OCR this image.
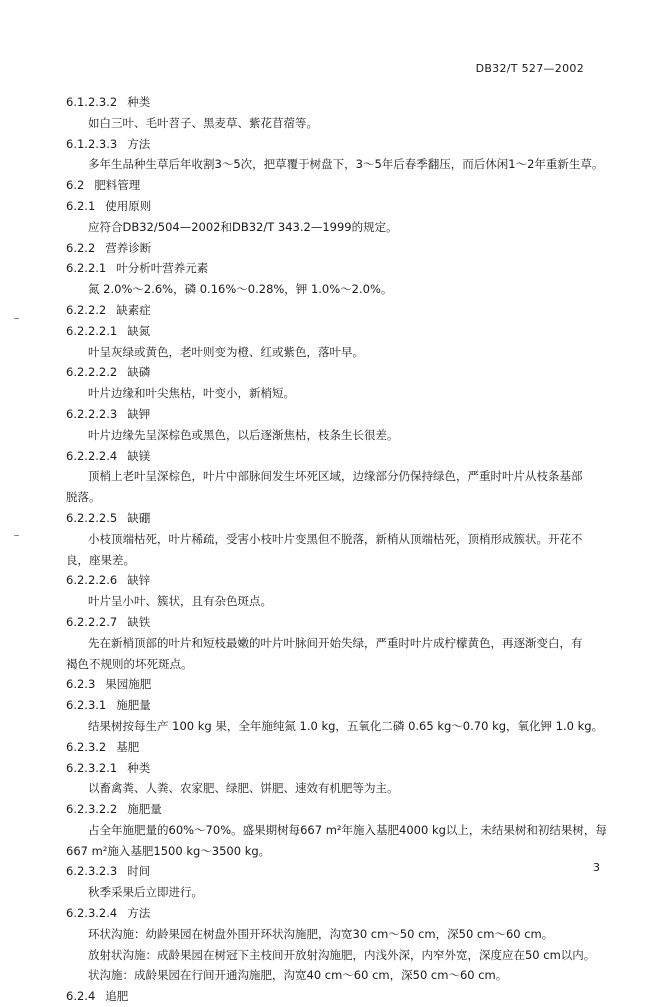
DB32/T 527—2002
6.1.2.3.2 种类
如白三叶、毛叶苕子、黑麦草、紫花苜蓿等。
6.1.2.3.3 方法
多年生品种生草后年收割3～5次，把草覆于树盘下，3～5年后春季翻压，而后休闲1～2年重新生草。
6.2 肥料管理
6.2.1 使用原则
应符合DB32/504—2002和DB32/T 343.2—1999的规定。
6.2.2 营养诊断
6.2.2.1 叶分析叶营养元素
氮 2.0%～2.6%，磷 0.16%～0.28%，钾 1.0%～2.0%。
6.2.2.2 缺素症
6.2.2.2.1 缺氮
叶呈灰绿或黄色，老叶则变为橙、红或紫色，落叶早。
6.2.2.2.2 缺磷
叶片边缘和叶尖焦枯，叶变小，新梢短。
6.2.2.2.3 缺钾
叶片边缘先呈深棕色或黑色，以后逐渐焦枯，枝条生长很差。
6.2.2.2.4 缺镁
顶梢上老叶呈深棕色，叶片中部脉间发生坏死区域，边缘部分仍保持绿色，严重时叶片从枝条基部
脱落。
6.2.2.2.5 缺硼
小枝顶端枯死，叶片稀疏，受害小枝叶片变黑但不脱落，新梢从顶端枯死，顶梢形成簇状。开花不
良，座果差。
6.2.2.2.6 缺锌
叶片呈小叶、簇状，且有杂色斑点。
6.2.2.2.7 缺铁
先在新梢顶部的叶片和短枝最嫩的叶片叶脉间开始失绿，严重时叶片成柠檬黄色，再逐渐变白，有
褐色不规则的坏死斑点。
6.2.3 果园施肥
6.2.3.1 施肥量
结果树按每生产 100 kg 果，全年施纯氮 1.0 kg，五氧化二磷 0.65 kg～0.70 kg，氧化钾 1.0 kg。
6.2.3.2 基肥
6.2.3.2.1 种类
以畜禽粪、人粪、农家肥、绿肥、饼肥、速效有机肥等为主。
6.2.3.2.2 施肥量
占全年施肥量的60%～70%。盛果期树每667 m²年施入基肥4000 kg以上，未结果树和初结果树，每
667 m²施入基肥1500 kg～3500 kg。
6.2.3.2.3 时间
秋季采果后立即进行。
6.2.3.2.4 方法
环状沟施：幼龄果园在树盘外围开环状沟施肥，沟宽30 cm～50 cm，深50 cm～60 cm。
放射状沟施：成龄果园在树冠下主枝间开放射沟施肥，内浅外深，内窄外宽，深度应在50 cm以内。
状沟施：成龄果园在行间开通沟施肥，沟宽40 cm～60 cm，深50 cm～60 cm。
6.2.4 追肥
3
